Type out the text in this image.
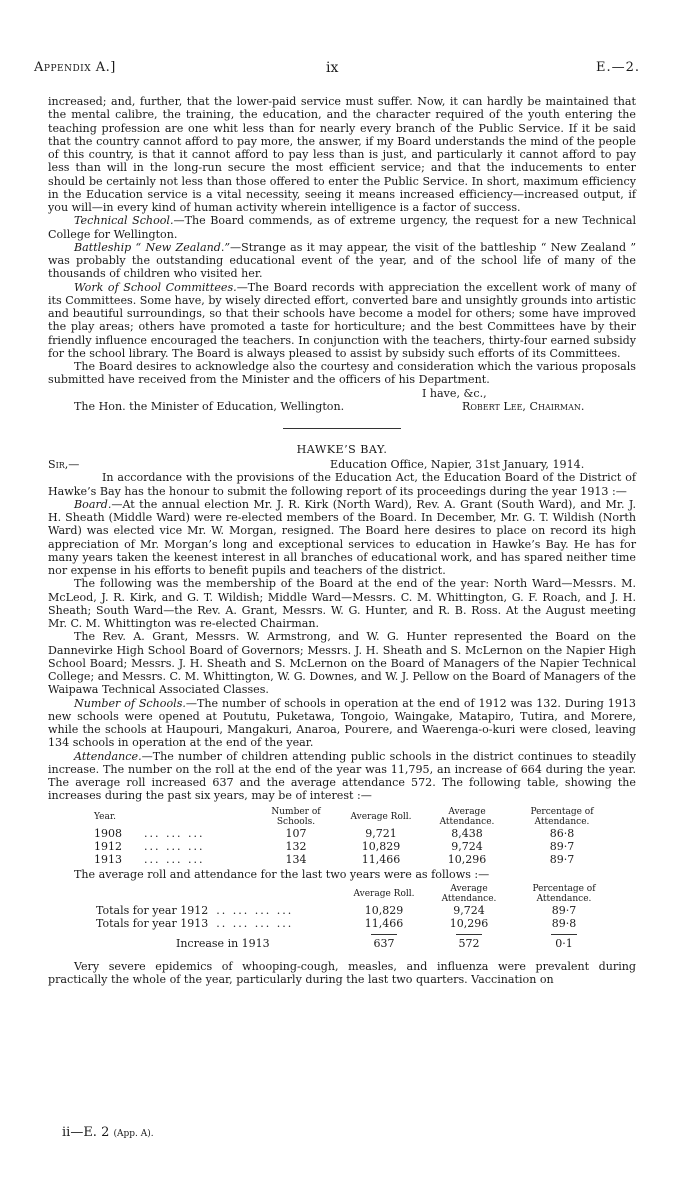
Appendix A.]	ix	E.—2.

increased; and, further, that the lower-paid service must suffer. Now, it can hardly be maintained that the mental calibre, the training, the education, and the character required of the youth entering the teaching profession are one whit less than for nearly every branch of the Public Service. If it be said that the country cannot afford to pay more, the answer, if my Board understands the mind of the people of this country, is that it cannot afford to pay less than is just, and particularly it cannot afford to pay less than will in the long-run secure the most efficient service; and that the inducements to enter should be certainly not less than those offered to enter the Public Service. In short, maximum efficiency in the Education service is a vital necessity, seeing it means increased efficiency—increased output, if you will—in every kind of human activity wherein intelligence is a factor of success.

Technical School.—The Board commends, as of extreme urgency, the request for a new Technical College for Wellington.

Battleship “ New Zealand.”—Strange as it may appear, the visit of the battleship “ New Zealand ” was probably the outstanding educational event of the year, and of the school life of many of the thousands of children who visited her.

Work of School Committees.—The Board records with appreciation the excellent work of many of its Committees. Some have, by wisely directed effort, converted bare and unsightly grounds into artistic and beautiful surroundings, so that their schools have become a model for others; some have improved the play areas; others have promoted a taste for horticulture; and the best Committees have by their friendly influence encouraged the teachers. In conjunction with the teachers, thirty-four earned subsidy for the school library. The Board is always pleased to assist by subsidy such efforts of its Committees.

The Board desires to acknowledge also the courtesy and consideration which the various proposals submitted have received from the Minister and the officers of his Department.

I have, &c.,
The Hon. the Minister of Education, Wellington.	Robert Lee, Chairman.
HAWKE’S BAY.
Sir,—	Education Office, Napier, 31st January, 1914.

In accordance with the provisions of the Education Act, the Education Board of the District of Hawke’s Bay has the honour to submit the following report of its proceedings during the year 1913 :—

Board.—At the annual election Mr. J. R. Kirk (North Ward), Rev. A. Grant (South Ward), and Mr. J. H. Sheath (Middle Ward) were re-elected members of the Board. In December, Mr. G. T. Wildish (North Ward) was elected vice Mr. W. Morgan, resigned. The Board here desires to place on record its high appreciation of Mr. Morgan’s long and exceptional services to education in Hawke’s Bay. He has for many years taken the keenest interest in all branches of educational work, and has spared neither time nor expense in his efforts to benefit pupils and teachers of the district.

The following was the membership of the Board at the end of the year: North Ward—Messrs. M. McLeod, J. R. Kirk, and G. T. Wildish; Middle Ward—Messrs. C. M. Whittington, G. F. Roach, and J. H. Sheath; South Ward—the Rev. A. Grant, Messrs. W. G. Hunter, and R. B. Ross. At the August meeting Mr. C. M. Whittington was re-elected Chairman.

The Rev. A. Grant, Messrs. W. Armstrong, and W. G. Hunter represented the Board on the Dannevirke High School Board of Governors; Messrs. J. H. Sheath and S. McLernon on the Napier High School Board; Messrs. J. H. Sheath and S. McLernon on the Board of Managers of the Napier Technical College; and Messrs. C. M. Whittington, W. G. Downes, and W. J. Pellow on the Board of Managers of the Waipawa Technical Associated Classes.

Number of Schools.—The number of schools in operation at the end of 1912 was 132. During 1913 new schools were opened at Poututu, Puketawa, Tongoio, Waingake, Matapiro, Tutira, and Morere, while the schools at Haupouri, Mangakuri, Anaroa, Pourere, and Waerenga-o-kuri were closed, leaving 134 schools in operation at the end of the year.

Attendance.—The number of children attending public schools in the district continues to steadily increase. The number on the roll at the end of the year was 11,795, an increase of 664 during the year. The average roll increased 637 and the average attendance 572. The following table, showing the increases during the past six years, may be of interest :—

Year.	Number of Schools.	Average Roll.	Average Attendance.	Percentage of Attendance.
1908 ... ... ...	107	9,721	8,438	86·8
1912 ... ... ...	132	10,829	9,724	89·7
1913 ... ... ...	134	11,466	10,296	89·7

The average roll and attendance for the last two years were as follows :—

	Average Roll.	Average Attendance.	Percentage of Attendance.
Totals for year 1912 .. ... ... ...	10,829	9,724	89·7
Totals for year 1913 .. ... ... ...	11,466	10,296	89·8

Increase in 1913	637	572	0·1

Very severe epidemics of whooping-cough, measles, and influenza were prevalent during practically the whole of the year, particularly during the last two quarters. Vaccination on

ii—E. 2 (App. A).
